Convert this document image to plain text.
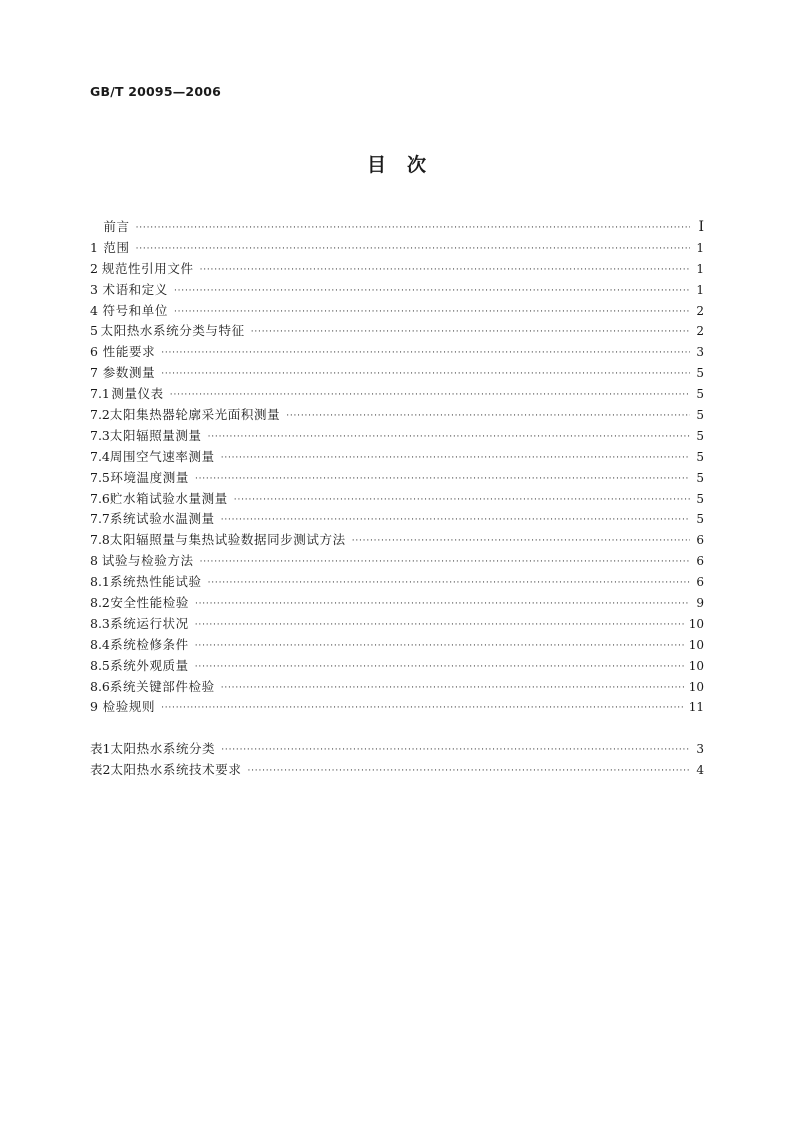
GB/T 20095—2006
目　次
前言 ·····	I
1 范围 ·····	1
2 规范性引用文件 ·····	1
3 术语和定义 ·····	1
4 符号和单位 ·····	2
5 太阳热水系统分类与特征 ·····	2
6 性能要求 ·····	3
7 参数测量 ·····	5
7.1 测量仪表 ·····	5
7.2 太阳集热器轮廓采光面积测量 ·····	5
7.3 太阳辐照量测量 ·····	5
7.4 周围空气速率测量 ·····	5
7.5 环境温度测量 ·····	5
7.6 贮水箱试验水量测量 ·····	5
7.7 系统试验水温测量 ·····	5
7.8 太阳辐照量与集热试验数据同步测试方法 ·····	6
8 试验与检验方法 ·····	6
8.1 系统热性能试验 ·····	6
8.2 安全性能检验 ·····	9
8.3 系统运行状况 ·····	10
8.4 系统检修条件 ·····	10
8.5 系统外观质量 ·····	10
8.6 系统关键部件检验 ·····	10
9 检验规则 ·····	11
表1 太阳热水系统分类 ·····	3
表2 太阳热水系统技术要求 ·····	4
